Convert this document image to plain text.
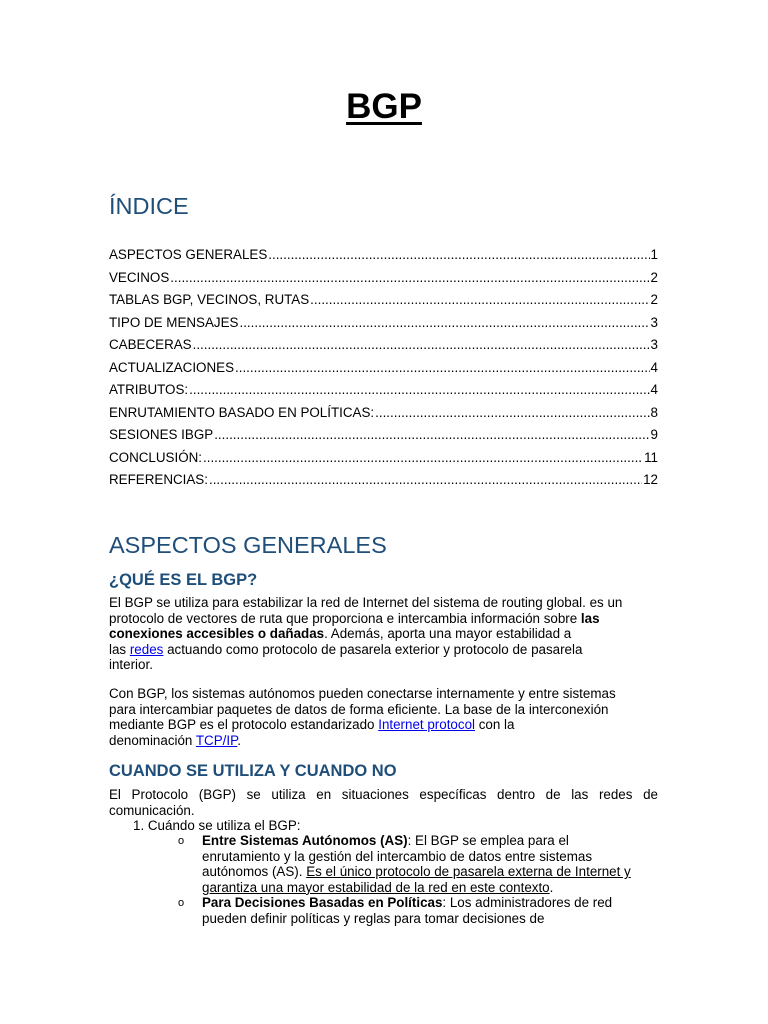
BGP
ÍNDICE
ASPECTOS GENERALES .....	1
VECINOS .....	2
TABLAS BGP, VECINOS, RUTAS .....	2
TIPO DE MENSAJES .....	3
CABECERAS .....	3
ACTUALIZACIONES .....	4
ATRIBUTOS: .....	4
ENRUTAMIENTO BASADO EN POLÍTICAS: .....	8
SESIONES IBGP .....	9
CONCLUSIÓN: .....	11
REFERENCIAS: .....	12
ASPECTOS GENERALES
¿QUÉ ES EL BGP?
El BGP se utiliza para estabilizar la red de Internet del sistema de routing global. es un
protocolo de vectores de ruta que proporciona e intercambia información sobre las
conexiones accesibles o dañadas. Además, aporta una mayor estabilidad a
las redes actuando como protocolo de pasarela exterior y protocolo de pasarela
interior.
Con BGP, los sistemas autónomos pueden conectarse internamente y entre sistemas
para intercambiar paquetes de datos de forma eficiente. La base de la interconexión
mediante BGP es el protocolo estandarizado Internet protocol con la
denominación TCP/IP.
CUANDO SE UTILIZA Y CUANDO NO
El Protocolo (BGP) se utiliza en situaciones específicas dentro de las redes de
comunicación.
1. Cuándo se utiliza el BGP:
o Entre Sistemas Autónomos (AS): El BGP se emplea para el
enrutamiento y la gestión del intercambio de datos entre sistemas
autónomos (AS). Es el único protocolo de pasarela externa de Internet y
garantiza una mayor estabilidad de la red en este contexto.
o Para Decisiones Basadas en Políticas: Los administradores de red
pueden definir políticas y reglas para tomar decisiones de
